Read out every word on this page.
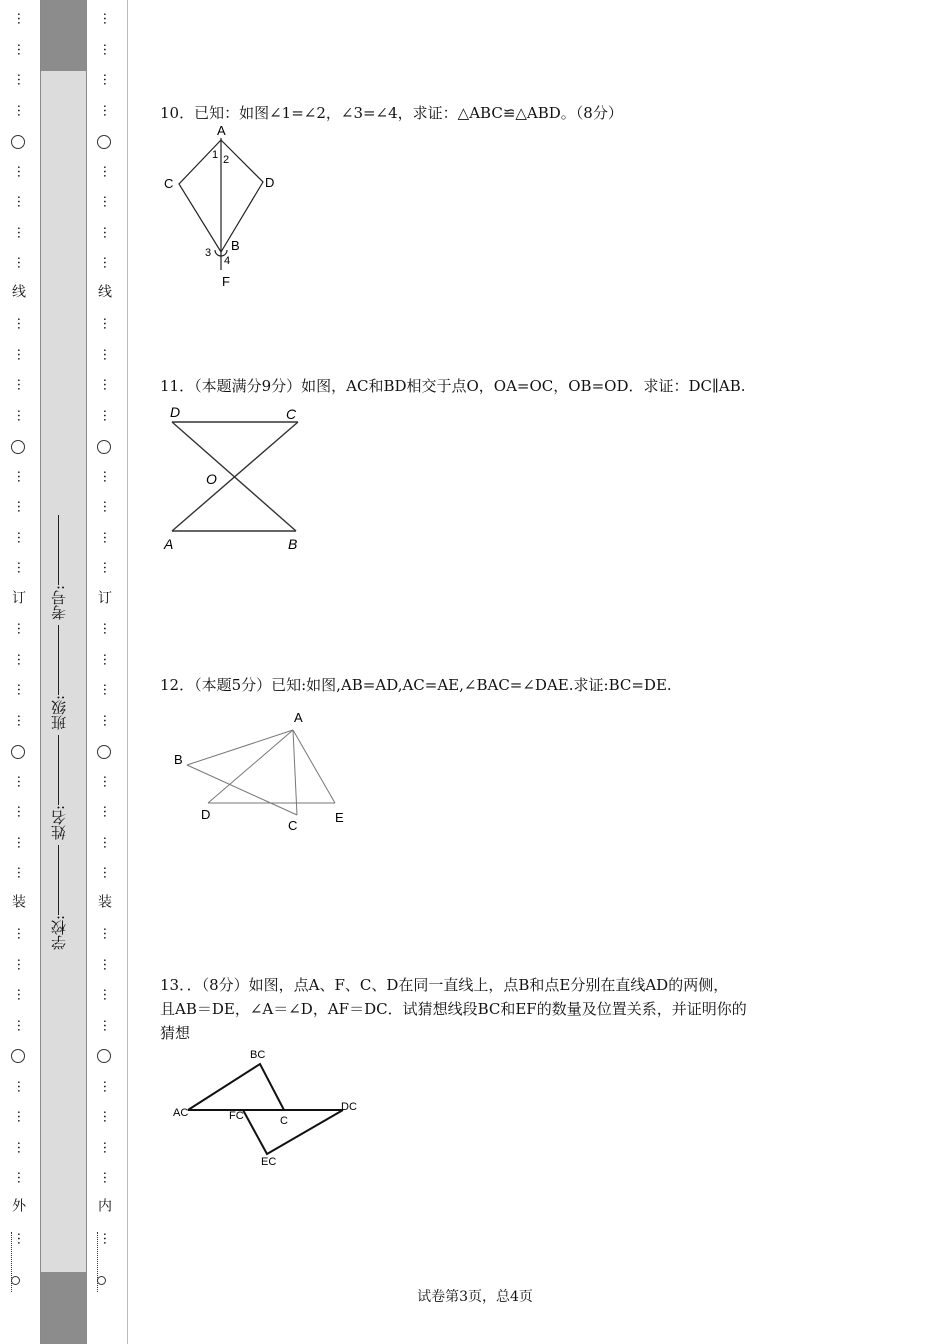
…
…
…
…
…
…
…
…
…
…
…
…
…
…
…
…
…
…
…
…
…
…
…
…
…
…
…
…
…
…
…
…
…
线
订
装
外
学校: 姓名: 班级: 考号:
…
…
…
…
…
…
…
…
…
…
…
…
…
…
…
…
…
…
…
…
…
…
…
…
…
…
…
…
…
…
…
…
…
线
订
装
内
10．已知：如图∠1=∠2，∠3=∠4，求证：△ABC≌△ABD。（8分）
A
1 2
C	D
3 B
4
F
11．（本题满分9分）如图，AC和BD相交于点O，OA=OC，OB=OD．求证：DC∥AB.
D	C
O
A	B
12．（本题5分）已知:如图,AB=AD,AC=AE,∠BAC=∠DAE.求证:BC=DE.
A
B
D
C
E
13．．（8分）如图，点A、F、C、D在同一直线上，点B和点E分别在直线AD的两侧，
且AB＝DE，∠A＝∠D，AF＝DC．试猜想线段BC和EF的数量及位置关系，并证明你的
猜想
BC
AC	FC	C
DC
EC
试卷第3页，总4页
